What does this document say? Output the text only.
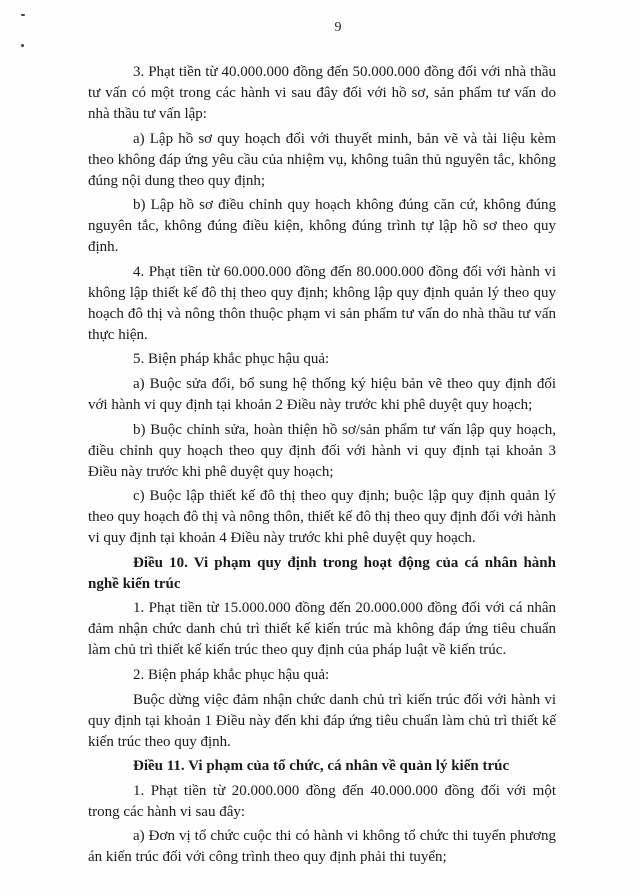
9

3. Phạt tiền từ 40.000.000 đồng đến 50.000.000 đồng đối với nhà thầu tư vấn có một trong các hành vi sau đây đối với hồ sơ, sản phẩm tư vấn do nhà thầu tư vấn lập:

a) Lập hồ sơ quy hoạch đối với thuyết minh, bản vẽ và tài liệu kèm theo không đáp ứng yêu cầu của nhiệm vụ, không tuân thủ nguyên tắc, không đúng nội dung theo quy định;

b) Lập hồ sơ điều chỉnh quy hoạch không đúng căn cứ, không đúng nguyên tắc, không đúng điều kiện, không đúng trình tự lập hồ sơ theo quy định.

4. Phạt tiền từ 60.000.000 đồng đến 80.000.000 đồng đối với hành vi không lập thiết kế đô thị theo quy định; không lập quy định quản lý theo quy hoạch đô thị và nông thôn thuộc phạm vi sản phẩm tư vấn do nhà thầu tư vấn thực hiện.

5. Biện pháp khắc phục hậu quả:

a) Buộc sửa đổi, bổ sung hệ thống ký hiệu bản vẽ theo quy định đối với hành vi quy định tại khoản 2 Điều này trước khi phê duyệt quy hoạch;

b) Buộc chỉnh sửa, hoàn thiện hồ sơ/sản phẩm tư vấn lập quy hoạch, điều chỉnh quy hoạch theo quy định đối với hành vi quy định tại khoản 3 Điều này trước khi phê duyệt quy hoạch;

c) Buộc lập thiết kế đô thị theo quy định; buộc lập quy định quản lý theo quy hoạch đô thị và nông thôn, thiết kế đô thị theo quy định đối với hành vi quy định tại khoản 4 Điều này trước khi phê duyệt quy hoạch.

Điều 10. Vi phạm quy định trong hoạt động của cá nhân hành nghề kiến trúc

1. Phạt tiền từ 15.000.000 đồng đến 20.000.000 đồng đối với cá nhân đảm nhận chức danh chủ trì thiết kế kiến trúc mà không đáp ứng tiêu chuẩn làm chủ trì thiết kế kiến trúc theo quy định của pháp luật về kiến trúc.

2. Biện pháp khắc phục hậu quả:

Buộc dừng việc đảm nhận chức danh chủ trì kiến trúc đối với hành vi quy định tại khoản 1 Điều này đến khi đáp ứng tiêu chuẩn làm chủ trì thiết kế kiến trúc theo quy định.

Điều 11. Vi phạm của tổ chức, cá nhân về quản lý kiến trúc

1. Phạt tiền từ 20.000.000 đồng đến 40.000.000 đồng đối với một trong các hành vi sau đây:

a) Đơn vị tổ chức cuộc thi có hành vi không tổ chức thi tuyển phương án kiến trúc đối với công trình theo quy định phải thi tuyển;
